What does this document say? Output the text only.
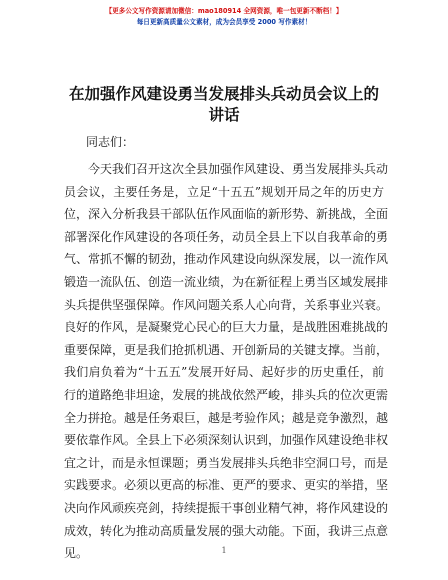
【更多公文写作资源请加微信：mao180914 全网资源，唯一包更新不断档！】
每日更新高质量公文素材，成为会员享受 2000 写作素材！
在加强作风建设勇当发展排头兵动员会议上的
讲话
同志们：
今天我们召开这次全县加强作风建设、勇当发展排头兵动
员会议，主要任务是，立足“十五五”规划开局之年的历史方
位，深入分析我县干部队伍作风面临的新形势、新挑战，全面
部署深化作风建设的各项任务，动员全县上下以自我革命的勇
气、常抓不懈的韧劲，推动作风建设向纵深发展，以一流作风
锻造一流队伍、创造一流业绩，为在新征程上勇当区域发展排
头兵提供坚强保障。作风问题关系人心向背，关系事业兴衰。
良好的作风，是凝聚党心民心的巨大力量，是战胜困难挑战的
重要保障，更是我们抢抓机遇、开创新局的关键支撑。当前，
我们肩负着为“十五五”发展开好局、起好步的历史重任，前
行的道路绝非坦途，发展的挑战依然严峻，排头兵的位次更需
全力拼抢。越是任务艰巨，越是考验作风；越是竞争激烈，越
要依靠作风。全县上下必须深刻认识到，加强作风建设绝非权
宜之计，而是永恒课题；勇当发展排头兵绝非空洞口号，而是
实践要求。必须以更高的标准、更严的要求、更实的举措，坚
决向作风顽疾亮剑，持续提振干事创业精气神，将作风建设的
成效，转化为推动高质量发展的强大动能。下面，我讲三点意
见。	1
